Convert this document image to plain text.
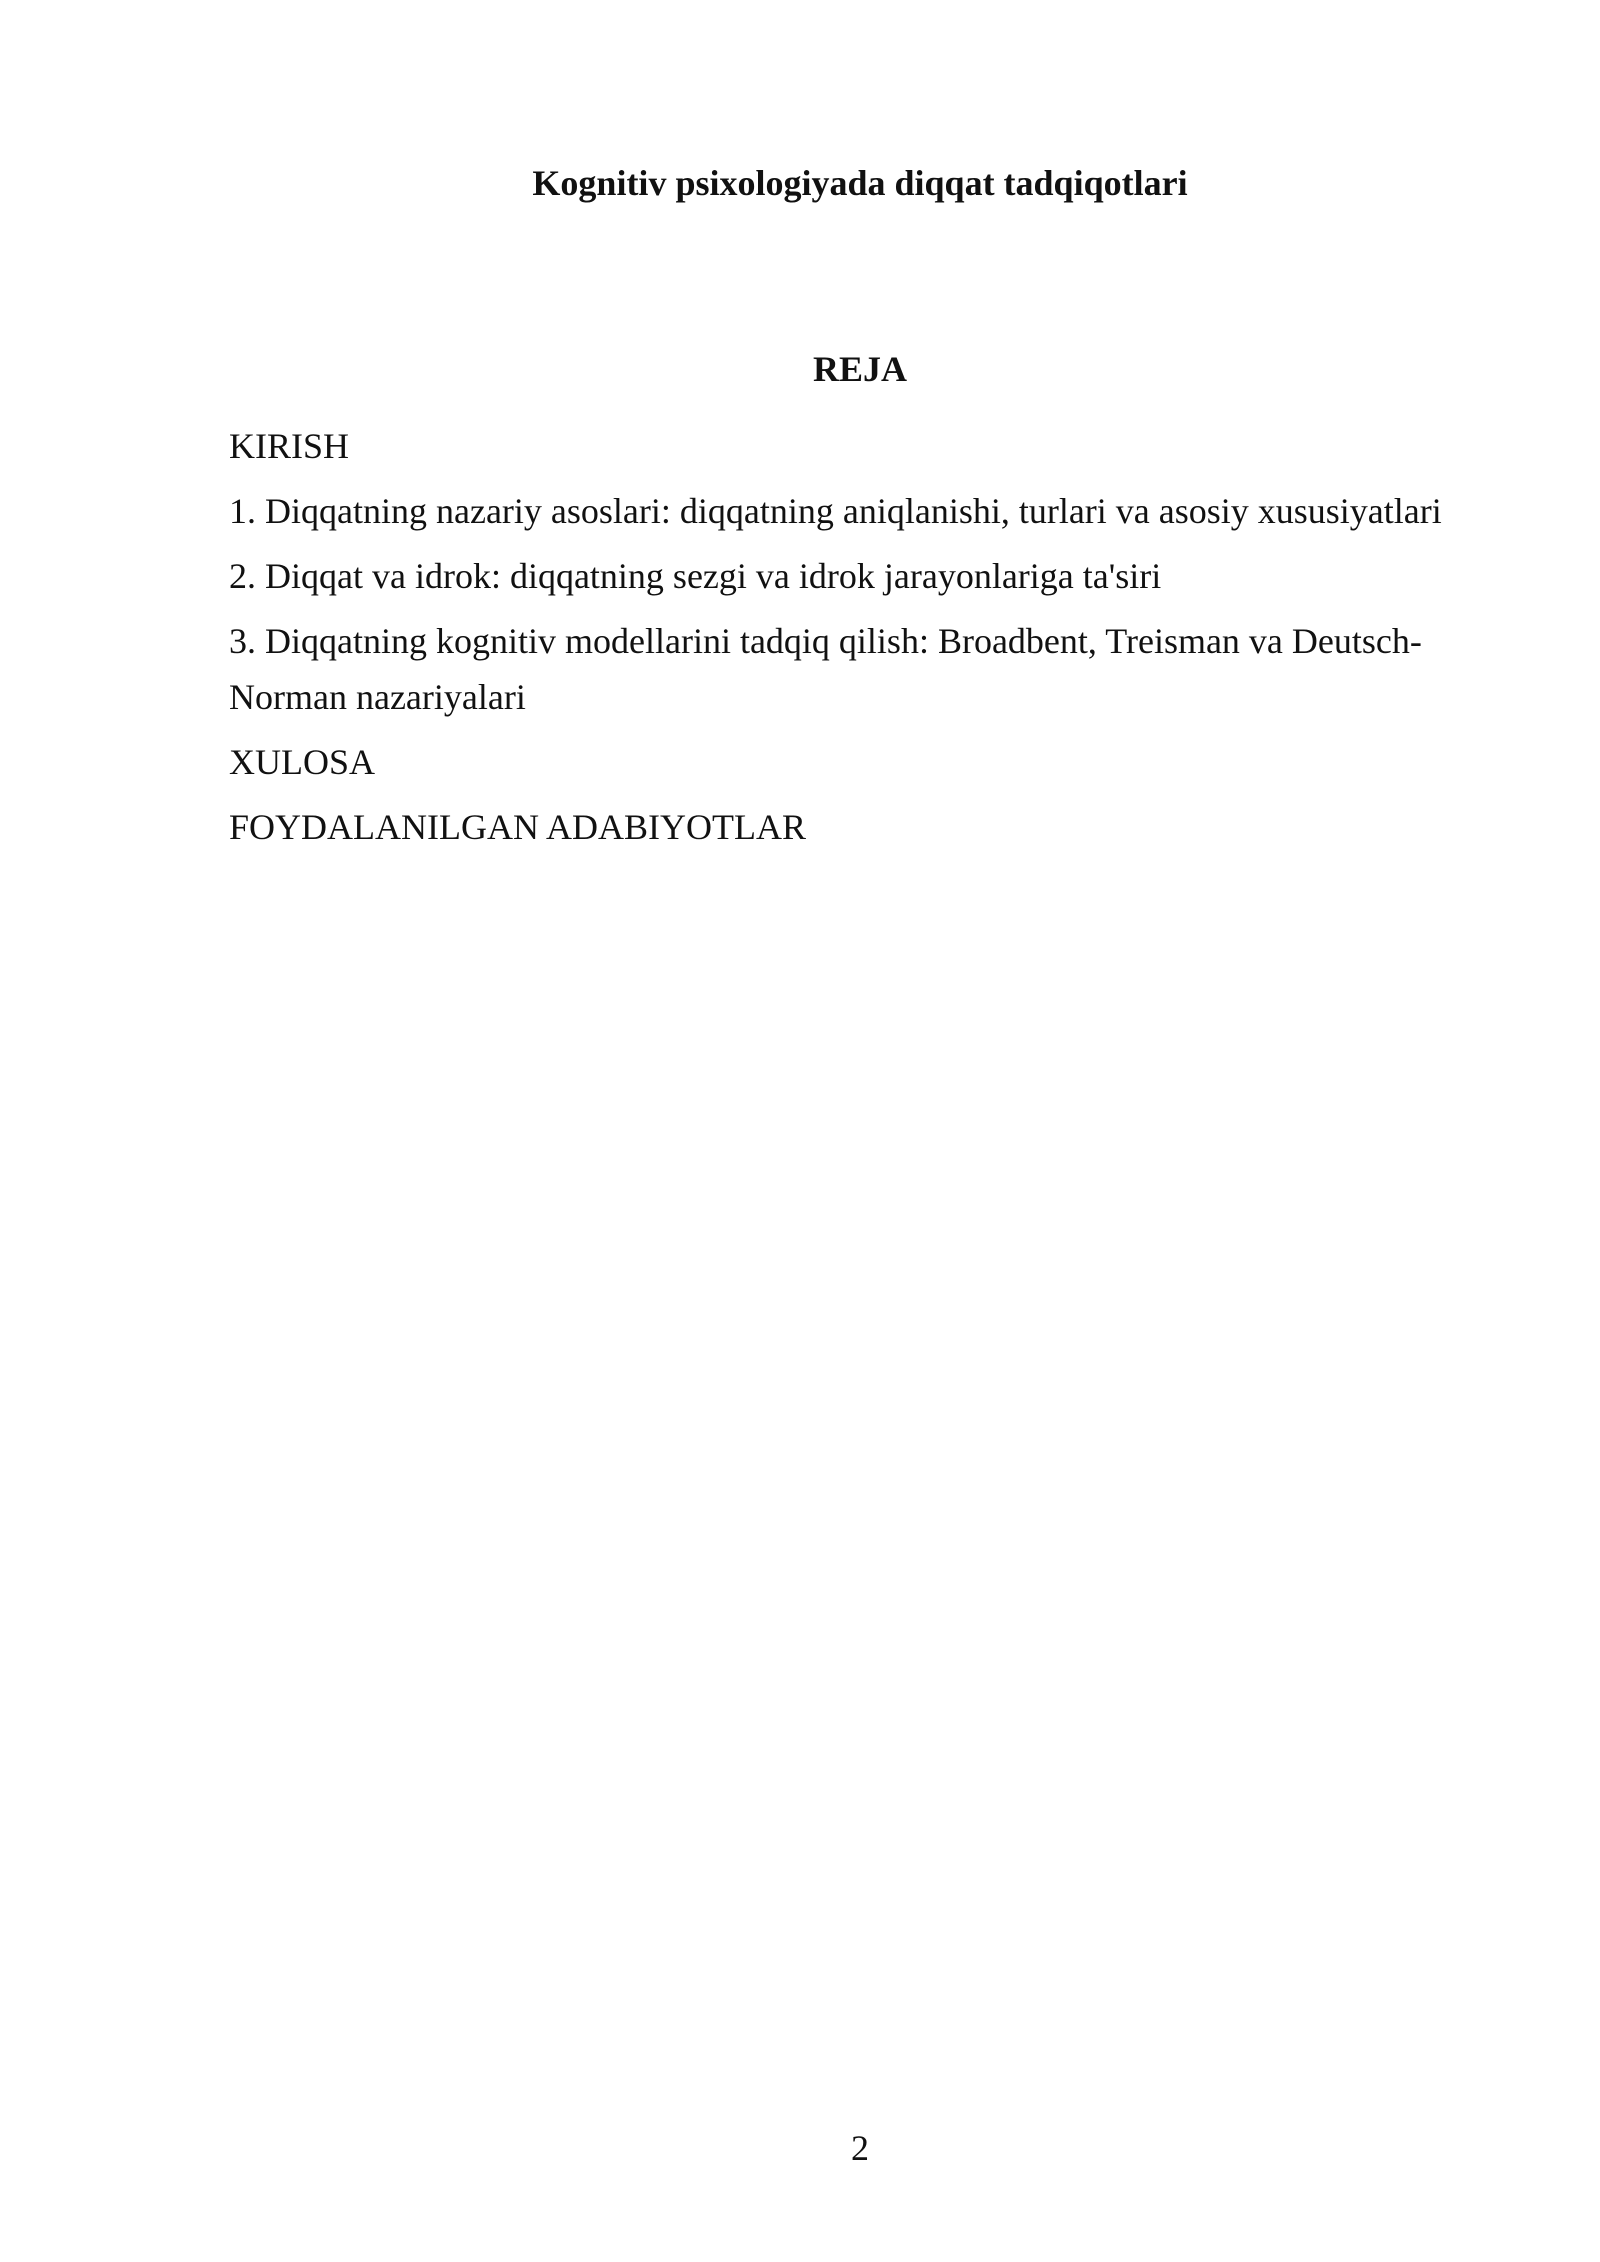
Kognitiv psixologiyada diqqat tadqiqotlari
REJA
KIRISH
1. Diqqatning nazariy asoslari: diqqatning aniqlanishi, turlari va asosiy xususiyatlari
2. Diqqat va idrok: diqqatning sezgi va idrok jarayonlariga ta'siri
3. Diqqatning kognitiv modellarini tadqiq qilish: Broadbent, Treisman va Deutsch-Norman nazariyalari
XULOSA
FOYDALANILGAN ADABIYOTLAR
2
